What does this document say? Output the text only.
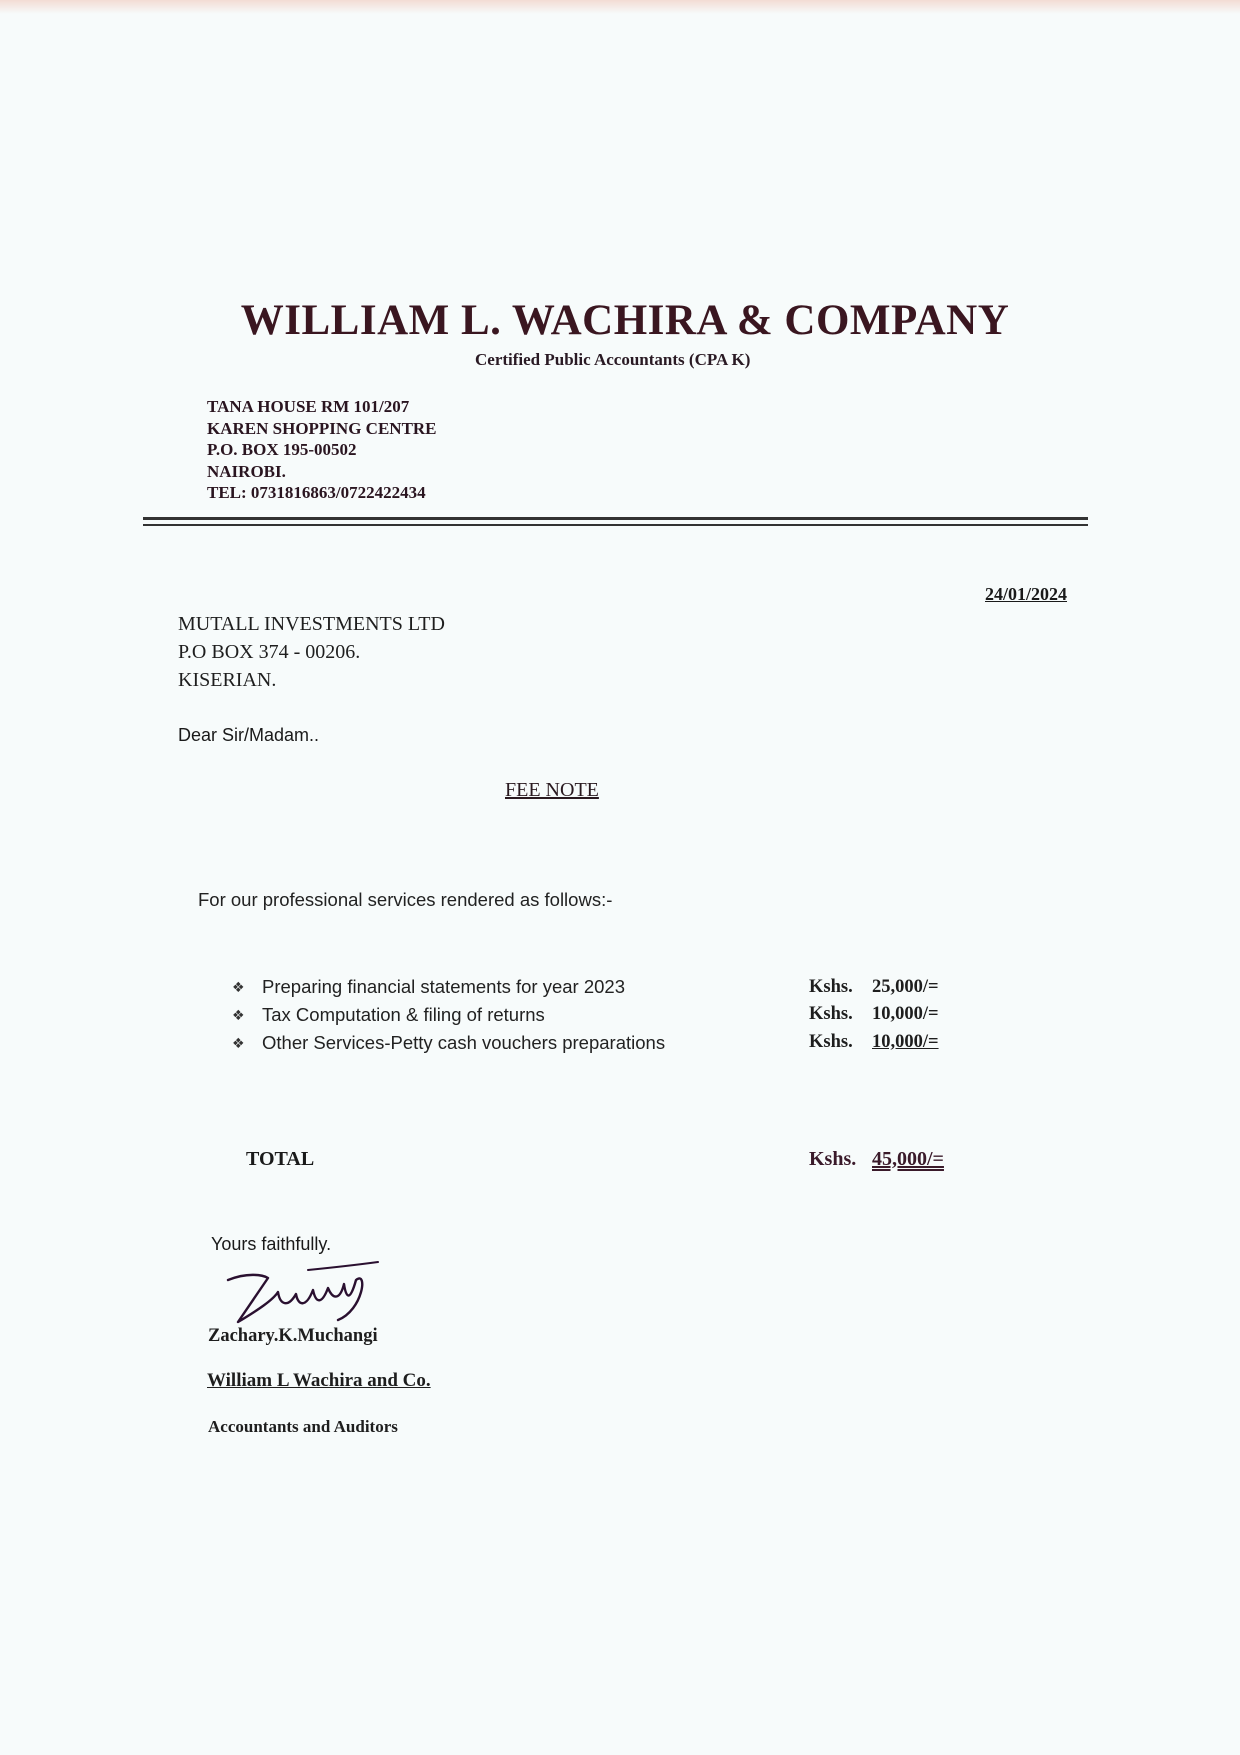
WILLIAM L. WACHIRA & COMPANY
Certified Public Accountants (CPA K)
TANA HOUSE RM 101/207
KAREN SHOPPING CENTRE
P.O. BOX 195-00502
NAIROBI.
TEL: 0731816863/0722422434
24/01/2024
MUTALL INVESTMENTS LTD
P.O BOX 374 - 00206.
KISERIAN.
Dear Sir/Madam..
FEE NOTE
For our professional services rendered as follows:-
❖ Preparing financial statements for year 2023
❖ Tax Computation & filing of returns
❖ Other Services-Petty cash vouchers preparations
Kshs. 25,000/=
Kshs. 10,000/=
Kshs. 10,000/=
TOTAL	Kshs. 45,000/=
Yours faithfully.
Zachary.K.Muchangi
William L Wachira and Co.
Accountants and Auditors
